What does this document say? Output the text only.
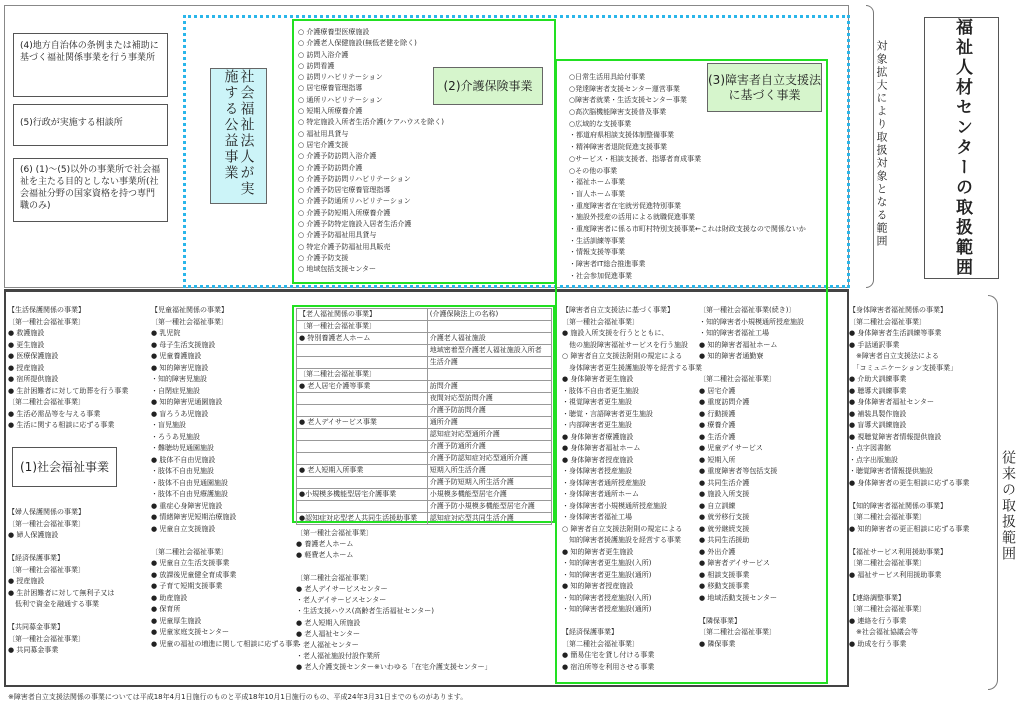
(4)地方自治体の条例または補助に基づく福祉関係事業を行う事業所
(5)行政が実施する相談所
(6) (1)〜(5)以外の事業所で社会福祉を主たる目的としない事業所(社会福祉分野の国家資格を持つ専門職のみ)
社会福祉法人が実施する公益事業
○ 介護療養型医療施設
○ 介護老人保健施設(無低老健を除く)
○ 訪問入浴介護
○ 訪問看護
○ 訪問リハビリテーション
○ 居宅療養管理指導
○ 通所リハビリテーション
○ 短期入所療養介護
○ 特定施設入所者生活介護(ケアハウスを除く)
○ 福祉用具貸与
○ 居宅介護支援
○ 介護予防訪問入浴介護
○ 介護予防訪問介護
○ 介護予防訪問リハビリテーション
○ 介護予防居宅療養管理指導
○ 介護予防通所リハビリテーション
○ 介護予防短期入所療養介護
○ 介護予防特定施設入居者生活介護
○ 介護予防福祉用具貸与
○ 特定介護予防福祉用具販売
○ 介護予防支援
○ 地域包括支援センター
(2)介護保険事業
○日常生活用具給付事業
○発達障害者支援センター運営事業
○障害者就業・生活支援センター事業
○高次脳機能障害支援普及事業
○広域的な支援事業
・都道府県相談支援体制整備事業
・精神障害者退院促進支援事業
○サービス・相談支援者、指導者育成事業
○その他の事業
・福祉ホーム事業
・盲人ホーム事業
・重度障害者在宅就労促進特別事業
・施設外授産の活用による就職促進事業
・重度障害者に係る市町村特別支援事業←これは財政支援なので関係ないか
・生活訓練等事業
・情報支援等事業
・障害者IT総合推進事業
・社会参加促進事業
(3)障害者自立支援法に基づく事業	対象拡大により取扱対象となる範囲	福祉人材センターの取扱範囲
従来の取扱範囲
【生活保護関係の事業】
〔第一種社会福祉事業〕
● 救護施設
● 更生施設
● 医療保護施設
● 授産施設
● 宿所提供施設
● 生計困難者に対して助葬を行う事業
〔第二種社会福祉事業〕
● 生活必需品等を与える事業
● 生活に関する相談に応ずる事業
(1)社会福祉事業
【婦人保護関係の事業】
〔第一種社会福祉事業〕
● 婦人保護施設
【経済保護事業】
〔第一種社会福祉事業〕
● 授産施設
● 生計困難者に対して無利子又は
　低利で資金を融通する事業
【共同募金事業】
〔第一種社会福祉事業〕
● 共同募金事業
【児童福祉関係の事業】
〔第一種社会福祉事業〕
● 乳児院
● 母子生活支援施設
● 児童養護施設
● 知的障害児施設
・知的障害児施設
・自閉症児施設
● 知的障害児通園施設
● 盲ろうあ児施設
・盲児施設
・ろうあ児施設
・難聴幼児通園施設
● 肢体不自由児施設
・肢体不自由児施設
・肢体不自由児通園施設
・肢体不自由児療護施設
● 重症心身障害児施設
● 情緒障害児短期治療施設
● 児童自立支援施設
〔第二種社会福祉事業〕
● 児童自立生活支援事業
● 放課後児童健全育成事業
● 子育て短期支援事業
● 助産施設
● 保育所
● 児童厚生施設
● 児童家庭支援センター
● 児童の福祉の増進に関して相談に応ずる事業
【老人福祉関係の事業】	(介護保険法上の名称)
〔第一種社会福祉事業〕	
● 特別養護老人ホーム	介護老人福祉施設
	地域密着型介護老人福祉施設入所者
	生活介護
〔第二種社会福祉事業〕	
● 老人居宅介護等事業	訪問介護
	夜間対応型訪問介護
	介護予防訪問介護
● 老人デイサービス事業	通所介護
	認知症対応型通所介護
	介護予防通所介護
	介護予防認知症対応型通所介護
● 老人短期入所事業	短期入所生活介護
	介護予防短期入所生活介護
●小規模多機能型居宅介護事業	小規模多機能型居宅介護
	介護予防小規模多機能型居宅介護
●認知症対応型老人共同生活援助事業	認知症対応型共同生活介護
〔第一種社会福祉事業〕
● 養護老人ホーム
● 軽費老人ホーム
〔第二種社会福祉事業〕
● 老人デイサービスセンター
・老人デイサービスセンター
・生活支援ハウス(高齢者生活福祉センター)
● 老人短期入所施設
● 老人福祉センター
・老人福祉センター
・老人福祉施設付設作業所
● 老人介護支援センター※いわゆる「在宅介護支援センター」
【障害者自立支援法に基づく事業】
〔第一種社会福祉事業〕
● 施設入所支援を行うとともに、
　他の施設障害福祉サービスを行う施設
○ 障害者自立支援法附則の規定による
　身体障害者更生援護施設等を経営する事業
● 身体障害者更生施設
・肢体不自由者更生施設
・視覚障害者更生施設
・聴覚・言語障害者更生施設
・内部障害者更生施設
● 身体障害者療護施設
● 身体障害者福祉ホーム
● 身体障害者授産施設
・身体障害者授産施設
・身体障害者通所授産施設
・身体障害者通所ホーム
・身体障害者小規模通所授産施設
・身体障害者福祉工場
○ 障害者自立支援法附則の規定による
　知的障害者援護施設を経営する事業
● 知的障害者更生施設
・知的障害者更生施設(入所)
・知的障害者更生施設(通所)
● 知的障害者授産施設
・知的障害者授産施設(入所)
・知的障害者授産施設(通所)
【経済保護事業】
〔第二種社会福祉事業〕
● 簡易住宅を貸し付ける事業
● 宿泊所等を利用させる事業
〔第一種社会福祉事業(続き)〕
・知的障害者小規模通所授産施設
・知的障害者福祉工場
● 知的障害者福祉ホーム
● 知的障害者通勤寮
〔第二種社会福祉事業〕
● 居宅介護
● 重度訪問介護
● 行動援護
● 療養介護
● 生活介護
● 児童デイサービス
● 短期入所
● 重度障害者等包括支援
● 共同生活介護
● 施設入所支援
● 自立訓練
● 就労移行支援
● 就労継続支援
● 共同生活援助
● 外出介護
● 障害者デイサービス
● 相談支援事業
● 移動支援事業
● 地域活動支援センター
【隣保事業】
〔第二種社会福祉事業〕
● 隣保事業
【身体障害者福祉関係の事業】
〔第二種社会福祉事業〕
● 身体障害者生活訓練等事業
● 手話通訳事業
　※障害者自立支援法による
　「コミュニケーション支援事業」
● 介助犬訓練事業
● 聴導犬訓練事業
● 身体障害者福祉センター
● 補装具製作施設
● 盲導犬訓練施設
● 視聴覚障害者情報提供施設
・点字図書館
・点字出版施設
・聴覚障害者情報提供施設
● 身体障害者の更生相談に応ずる事業
【知的障害者福祉関係の事業】
〔第二種社会福祉事業〕
● 知的障害者の更正相談に応ずる事業
【福祉サービス利用援助事業】
〔第二種社会福祉事業〕
● 福祉サービス利用援助事業
【連絡調整事業】
〔第二種社会福祉事業〕
● 連絡を行う事業
　※社会福祉協議会等
● 助成を行う事業
※障害者自立支援法関係の事業については平成18年4月1日施行のものと平成18年10月1日施行のもの、平成24年3月31日までのものがあります。
